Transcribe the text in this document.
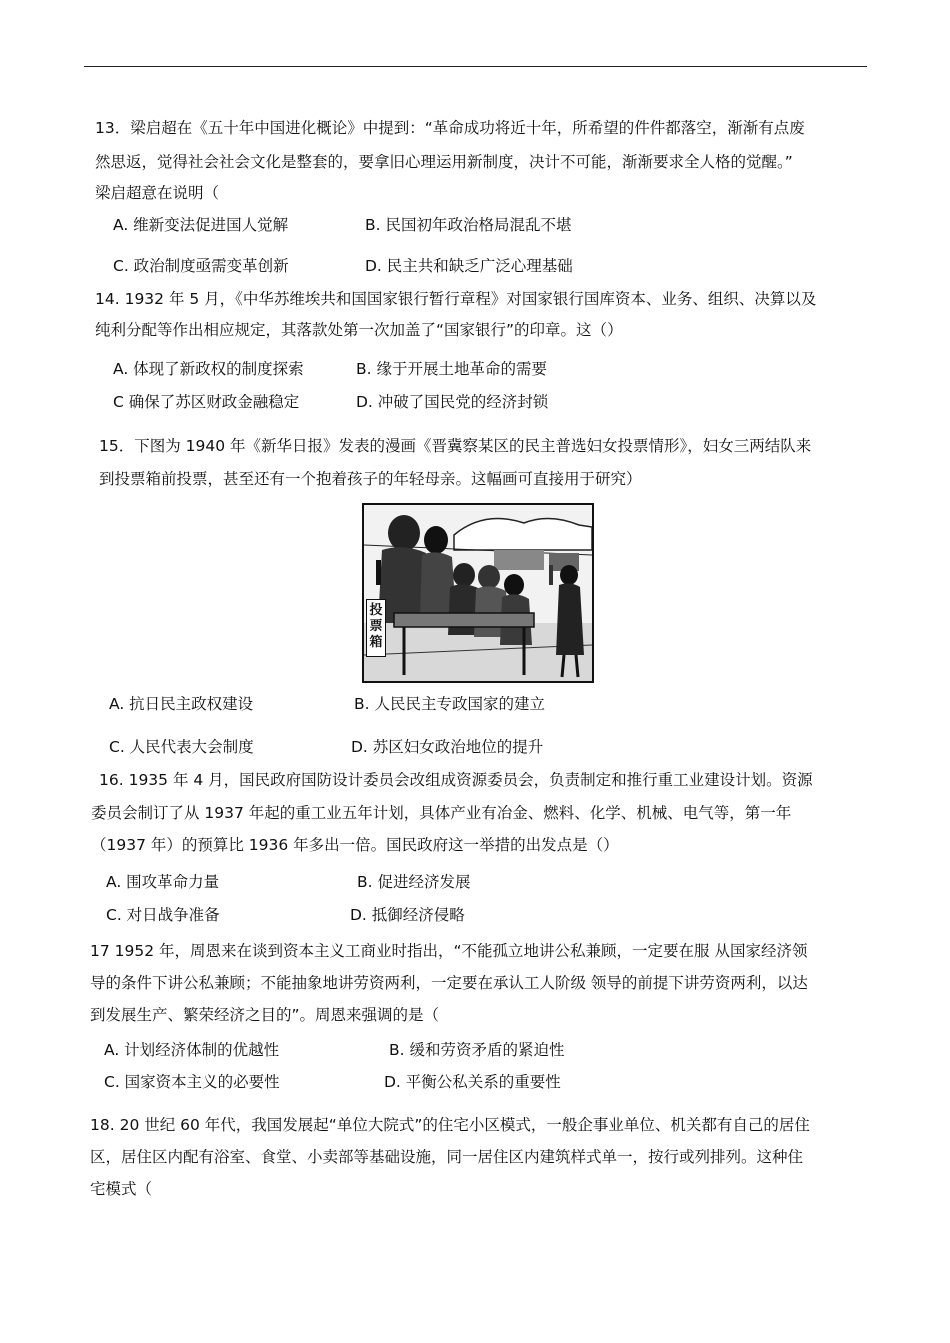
13．梁启超在《五十年中国进化概论》中提到：“革命成功将近十年，所希望的件件都落空，渐渐有点废
然思返，觉得社会社会文化是整套的，要拿旧心理运用新制度，决计不可能，渐渐要求全人格的觉醒。”
梁启超意在说明（
A. 维新变法促进国人觉解	B. 民国初年政治格局混乱不堪
C. 政治制度亟需变革创新	D. 民主共和缺乏广泛心理基础
14. 1932 年 5 月，《中华苏维埃共和国国家银行暂行章程》对国家银行国库资本、业务、组织、决算以及
纯利分配等作出相应规定，其落款处第一次加盖了“国家银行”的印章。这（）
A. 体现了新政权的制度探索	B. 缘于开展土地革命的需要
C 确保了苏区财政金融稳定	D. 冲破了国民党的经济封锁
15．下图为 1940 年《新华日报》发表的漫画《晋冀察某区的民主普选妇女投票情形》，妇女三两结队来
到投票箱前投票，甚至还有一个抱着孩子的年轻母亲。这幅画可直接用于研究）
投票箱
A. 抗日民主政权建设	B. 人民民主专政国家的建立
C. 人民代表大会制度	D. 苏区妇女政治地位的提升
16. 1935 年 4 月，国民政府国防设计委员会改组成资源委员会，负责制定和推行重工业建设计划。资源
委员会制订了从 1937 年起的重工业五年计划，具体产业有冶金、燃料、化学、机械、电气等，第一年
（1937 年）的预算比 1936 年多出一倍。国民政府这一举措的出发点是（）
A. 围攻革命力量	B. 促进经济发展
C. 对日战争准备	D. 抵御经济侵略
17 1952 年，周恩来在谈到资本主义工商业时指出，“不能孤立地讲公私兼顾，一定要在服 从国家经济领
导的条件下讲公私兼顾；不能抽象地讲劳资两利，一定要在承认工人阶级 领导的前提下讲劳资两利，以达
到发展生产、繁荣经济之目的”。周恩来强调的是（
A. 计划经济体制的优越性	B. 缓和劳资矛盾的紧迫性
C. 国家资本主义的必要性	D. 平衡公私关系的重要性
18. 20 世纪 60 年代，我国发展起“单位大院式”的住宅小区模式，一般企事业单位、机关都有自己的居住
区，居住区内配有浴室、食堂、小卖部等基础设施，同一居住区内建筑样式单一，按行或列排列。这种住
宅模式（
